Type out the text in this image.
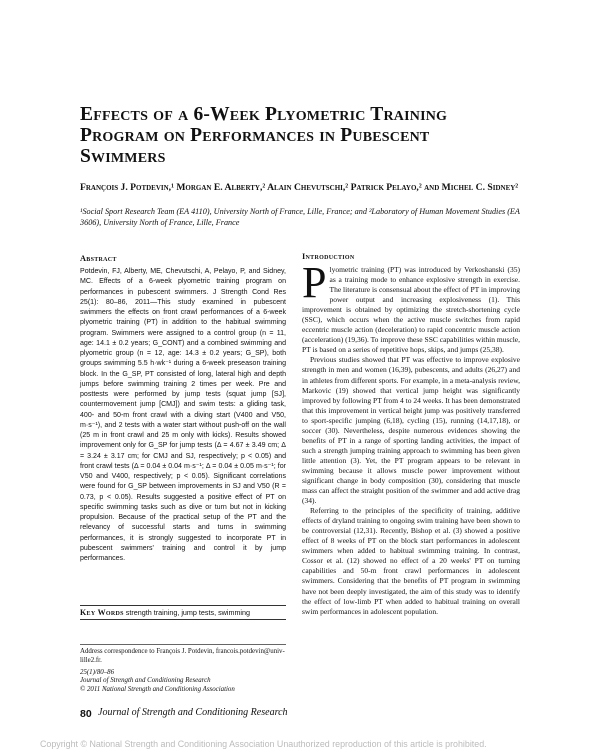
Effects of a 6-Week Plyometric Training Program on Performances in Pubescent Swimmers
François J. Potdevin,¹ Morgan E. Alberty,² Alain Chevutschi,² Patrick Pelayo,² and Michel C. Sidney²
¹Social Sport Research Team (EA 4110), University North of France, Lille, France; and ²Laboratory of Human Movement Studies (EA 3606), University North of France, Lille, France
Abstract

Potdevin, FJ, Alberty, ME, Chevutschi, A, Pelayo, P, and Sidney, MC. Effects of a 6-week plyometric training program on performances in pubescent swimmers. J Strength Cond Res 25(1): 80–86, 2011—This study examined in pubescent swimmers the effects on front crawl performances of a 6-week plyometric training (PT) in addition to the habitual swimming program. Swimmers were assigned to a control group (n = 11, age: 14.1 ± 0.2 years; G_CONT) and a combined swimming and plyometric group (n = 12, age: 14.3 ± 0.2 years; G_SP), both groups swimming 5.5 h·wk⁻¹ during a 6-week preseason training block. In the G_SP, PT consisted of long, lateral high and depth jumps before swimming training 2 times per week. Pre and posttests were performed by jump tests (squat jump [SJ], countermovement jump [CMJ]) and swim tests: a gliding task, 400- and 50-m front crawl with a diving start (V400 and V50, m·s⁻¹), and 2 tests with a water start without push-off on the wall (25 m in front crawl and 25 m only with kicks). Results showed improvement only for G_SP for jump tests (Δ = 4.67 ± 3.49 cm; Δ = 3.24 ± 3.17 cm; for CMJ and SJ, respectively; p < 0.05) and front crawl tests (Δ = 0.04 ± 0.04 m·s⁻¹; Δ = 0.04 ± 0.05 m·s⁻¹; for V50 and V400, respectively; p < 0.05). Significant correlations were found for G_SP between improvements in SJ and V50 (R = 0.73, p < 0.05). Results suggested a positive effect of PT on specific swimming tasks such as dive or turn but not in kicking propulsion. Because of the practical setup of the PT and the relevancy of successful starts and turns in swimming performances, it is strongly suggested to incorporate PT in pubescent swimmers' training and control it by jump performances.

Key Words strength training, jump tests, swimming
Address correspondence to François J. Potdevin, francois.potdevin@univ-lille2.fr.
25(1)/80–86
Journal of Strength and Conditioning Research
© 2011 National Strength and Conditioning Association
Introduction

Plyometric training (PT) was introduced by Verkoshanski (35) as a training mode to enhance explosive strength in exercise. The literature is consensual about the effect of PT in improving power output and increasing explosiveness (1). This improvement is obtained by optimizing the stretch-shortening cycle (SSC), which occurs when the active muscle switches from rapid eccentric muscle action (deceleration) to rapid concentric muscle action (acceleration) (19,36). To improve these SSC capabilities within muscle, PT is based on a series of repetitive hops, skips, and jumps (25,38).

Previous studies showed that PT was effective to improve explosive strength in men and women (16,39), pubescents, and adults (26,27) and in athletes from different sports. For example, in a meta-analysis review, Markovic (19) showed that vertical jump height was significantly improved by following PT from 4 to 24 weeks. It has been demonstrated that this improvement in vertical height jump was positively transferred to sport-specific jumping (6,18), cycling (15), running (14,17,18), or soccer (30). Nevertheless, despite numerous evidences showing the benefits of PT in a range of sporting landing activities, the impact of such a strength jumping training approach to swimming has been given little attention (3). Yet, the PT program appears to be relevant in swimming because it allows muscle power improvement without significant change in body composition (30), considering that muscle mass can affect the straight position of the swimmer and add active drag (34).

Referring to the principles of the specificity of training, additive effects of dryland training to ongoing swim training have been shown to be controversial (12,31). Recently, Bishop et al. (3) showed a positive effect of 8 weeks of PT on the block start performances in adolescent swimmers when added to habitual swimming training. In contrast, Cossor et al. (12) showed no effect of a 20 weeks' PT on turning capabilities and 50-m front crawl performances in adolescent swimmers. Considering that the benefits of PT program in swimming have not been deeply investigated, the aim of this study was to identify the effect of low-limb PT when added to habitual training on overall swim performances in adolescent population.

80 Journal of Strength and Conditioning Research
Copyright © National Strength and Conditioning Association Unauthorized reproduction of this article is prohibited.
